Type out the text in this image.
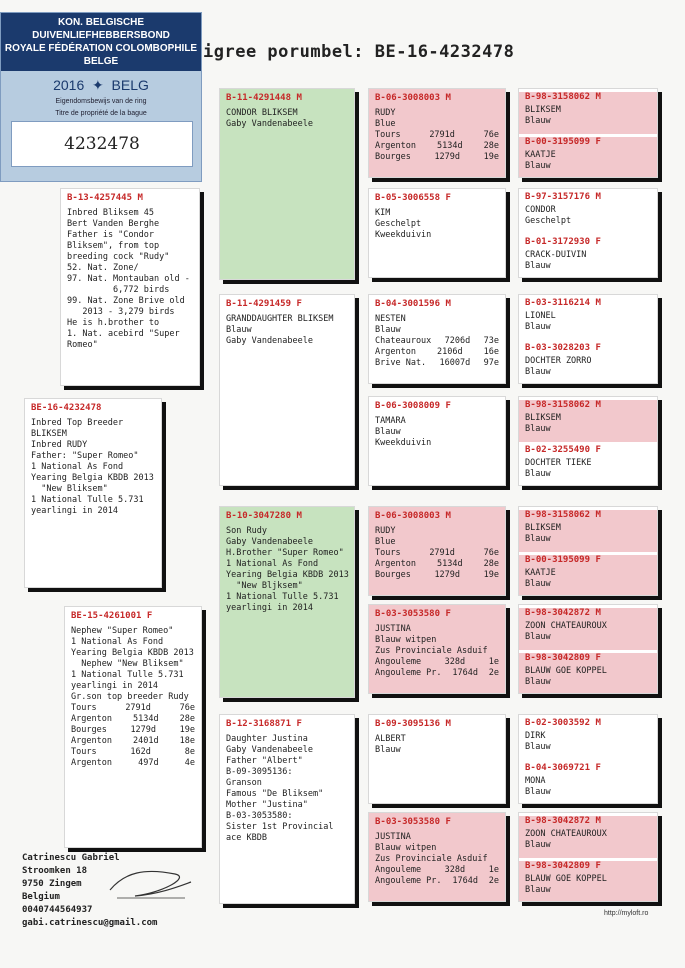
KON. BELGISCHE DUIVENLIEFHEBBERSBOND
ROYALE FÉDÉRATION COLOMBOPHILE BELGE
2016  ✦  BELG
Eigendomsbewijs van de ring
Titre de propriété de la bague
4232478
igree porumbel: BE-16-4232478
BE-16-4232478
Inbred Top Breeder
BLIKSEM
Inbred RUDY
Father: "Super Romeo"
1 National As Fond
Yearing Belgia KBDB 2013
"New Bliksem"
1 National Tulle 5.731
yearlingi in 2014
B-13-4257445 M
Inbred Bliksem 45
Bert Vanden Berghe
Father is "Condor
Bliksem", from top
breeding cock "Rudy"
52. Nat. Zone/
97. Nat. Montauban old -
6,772 birds
99. Nat. Zone Brive old
2013 - 3,279 birds
He is h.brother to
1. Nat. acebird "Super
Romeo"
BE-15-4261001 F
Nephew "Super Romeo"
1 National As Fond
Yearing Belgia KBDB 2013
Nephew "New Bliksem"
1 National Tulle 5.731
yearlingi in 2014
Gr.son top breeder Rudy
Tours	2791d	76e
Argenton 5134d 28e
Bourges	1279d	19e
Argenton 2401d 18e
Tours	162d	8e
Argenton	497d	4e
B-11-4291448 M
CONDOR BLIKSEM
Gaby Vandenabeele
B-11-4291459 F
GRANDDAUGHTER BLIKSEM
Blauw
Gaby Vandenabeele
B-10-3047280 M
Son Rudy
Gaby Vandenabeele
H.Brother "Super Romeo"
1 National As Fond
Yearing Belgia KBDB 2013
"New Bljksem"
1 National Tulle 5.731
yearlingi in 2014
B-12-3168871 F
Daughter Justina
Gaby Vandenabeele
Father "Albert"
B-09-3095136:
Granson
Famous "De Bliksem"
Mother "Justina"
B-03-3053580:
Sister 1st Provincial
ace KBDB
B-06-3008003 M
RUDY
Blue
Tours	2791d	76e
Argenton 5134d 28e
Bourges	1279d	19e
B-05-3006558 F
KIM
Geschelpt
Kweekduivin
B-04-3001596 M
NESTEN
Blauw
Chateauroux 7206d 73e
Argenton 2106d 16e
Brive Nat. 16007d 97e
B-06-3008009 F
TAMARA
Blauw
Kweekduivin
B-06-3008003 M
RUDY
Blue
Tours	2791d	76e
Argenton 5134d 28e
Bourges	1279d	19e
B-03-3053580 F
JUSTINA
Blauw witpen
Zus Provinciale Asduif
Angouleme	328d	1e
Angouleme Pr. 1764d 2e
B-09-3095136 M
ALBERT
Blauw
B-03-3053580 F
JUSTINA
Blauw witpen
Zus Provinciale Asduif
Angouleme	328d	1e
Angouleme Pr. 1764d 2e
B-98-3158062 M
BLIKSEM
Blauw
B-00-3195099 F
KAATJE
Blauw
B-97-3157176 M
CONDOR
Geschelpt
B-01-3172930 F
CRACK-DUIVIN
Blauw
B-03-3116214 M
LIONEL
Blauw
B-03-3028203 F
DOCHTER ZORRO
Blauw
B-98-3158062 M
BLIKSEM
Blauw
B-02-3255490 F
DOCHTER TIEKE
Blauw
B-98-3158062 M
BLIKSEM
Blauw
B-00-3195099 F
KAATJE
Blauw
B-98-3042872 M
ZOON CHATEAUROUX
Blauw
B-98-3042809 F
BLAUW GOE KOPPEL
Blauw
B-02-3003592 M
DIRK
Blauw
B-04-3069721 F
MONA
Blauw
B-98-3042872 M
ZOON CHATEAUROUX
Blauw
B-98-3042809 F
BLAUW GOE KOPPEL
Blauw
Catrinescu Gabriel
Stroomken 18
9750 Zingem
Belgium
0040744564937
gabi.catrinescu@gmail.com
http://myloft.ro
